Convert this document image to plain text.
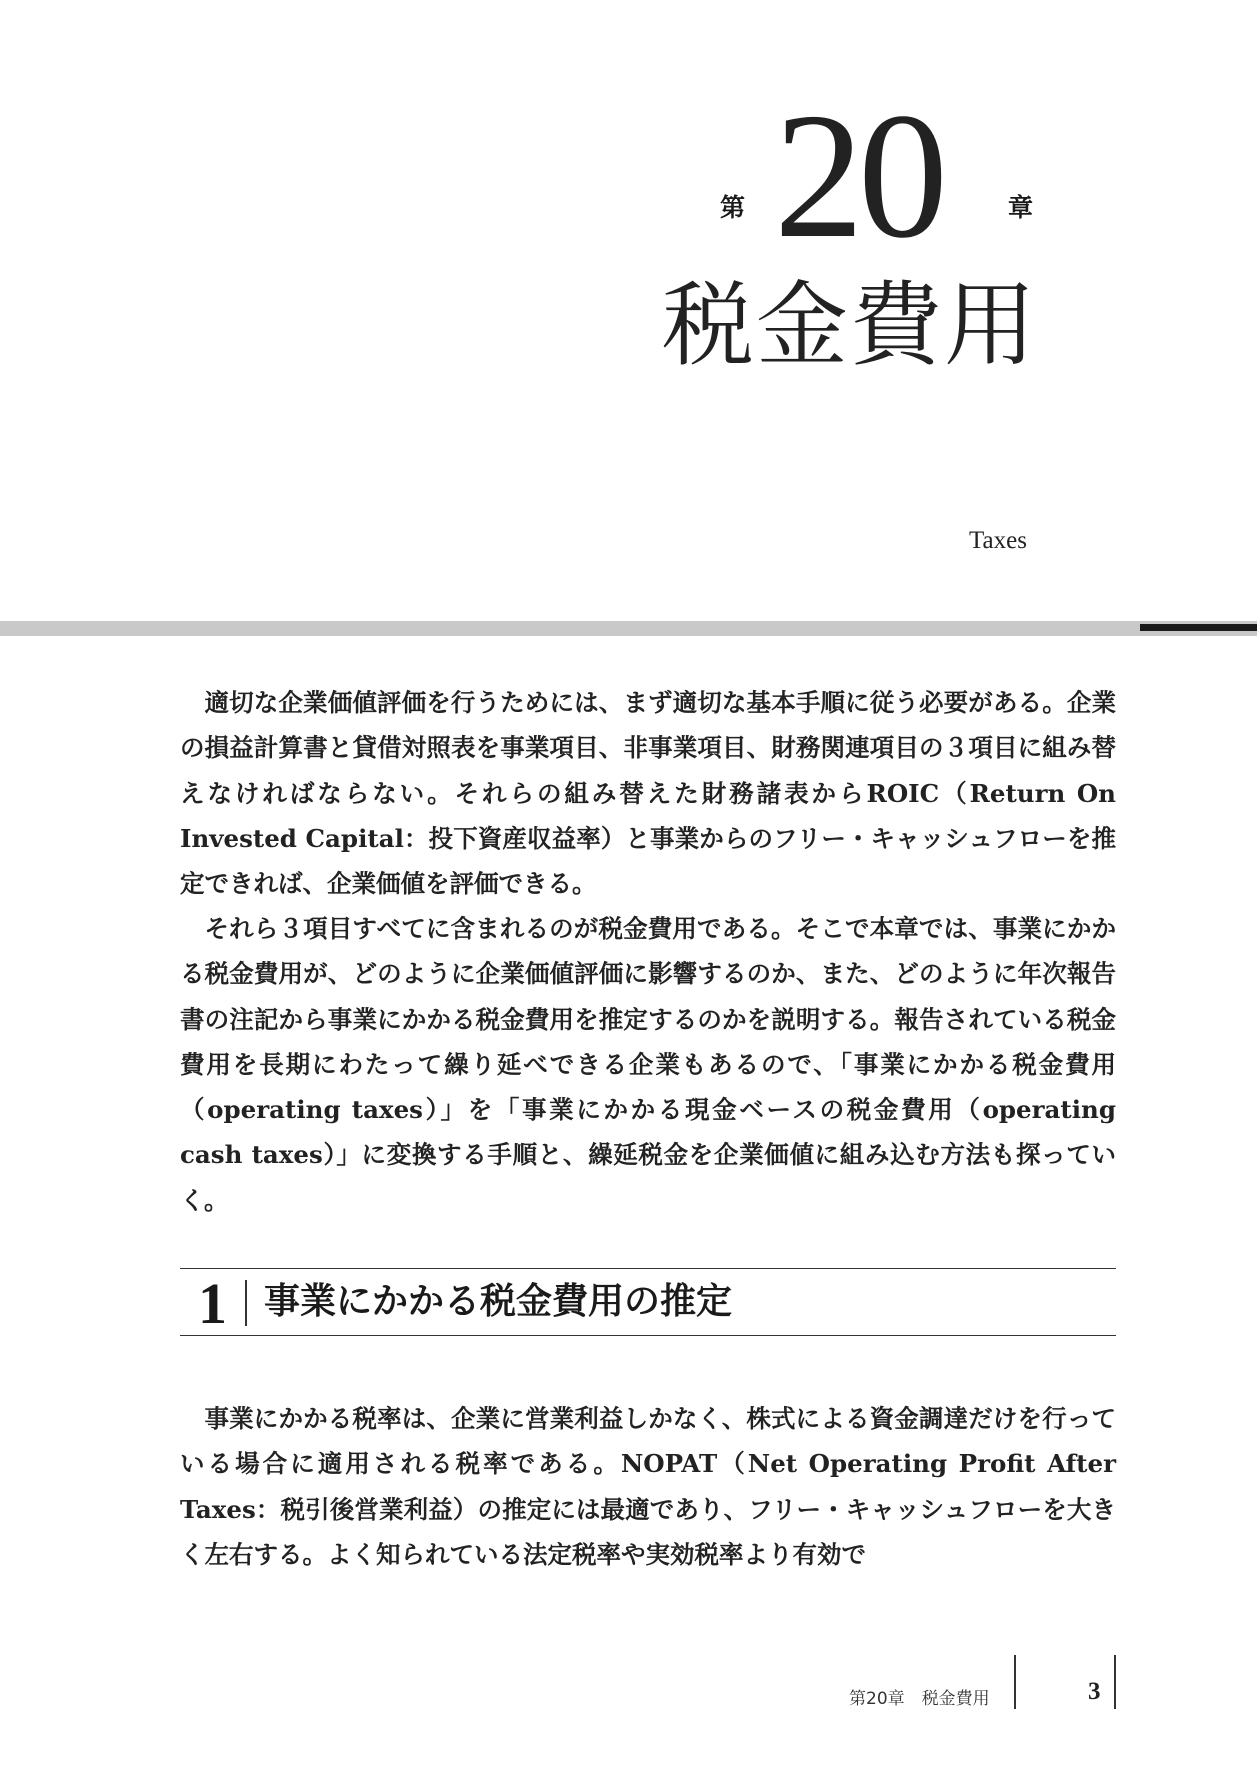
第 20	章
税金費用
Taxes

適切な企業価値評価を行うためには、まず適切な基本手順に従う必要がある。企業の損益計算書と貸借対照表を事業項目、非事業項目、財務関連項目の３項目に組み替えなければならない。それらの組み替えた財務諸表からROIC（Return On Invested Capital：投下資産収益率）と事業からのフリー・キャッシュフローを推定できれば、企業価値を評価できる。

それら３項目すべてに含まれるのが税金費用である。そこで本章では、事業にかかる税金費用が、どのように企業価値評価に影響するのか、また、どのように年次報告書の注記から事業にかかる税金費用を推定するのかを説明する。報告されている税金費用を長期にわたって繰り延べできる企業もあるので、「事業にかかる税金費用（operating taxes）」を「事業にかかる現金ベースの税金費用（operating cash taxes）」に変換する手順と、繰延税金を企業価値に組み込む方法も探っていく。

1 事業にかかる税金費用の推定

事業にかかる税率は、企業に営業利益しかなく、株式による資金調達だけを行っている場合に適用される税率である。NOPAT（Net Operating Profit After Taxes：税引後営業利益）の推定には最適であり、フリー・キャッシュフローを大きく左右する。よく知られている法定税率や実効税率より有効で

第20章　税金費用	3
